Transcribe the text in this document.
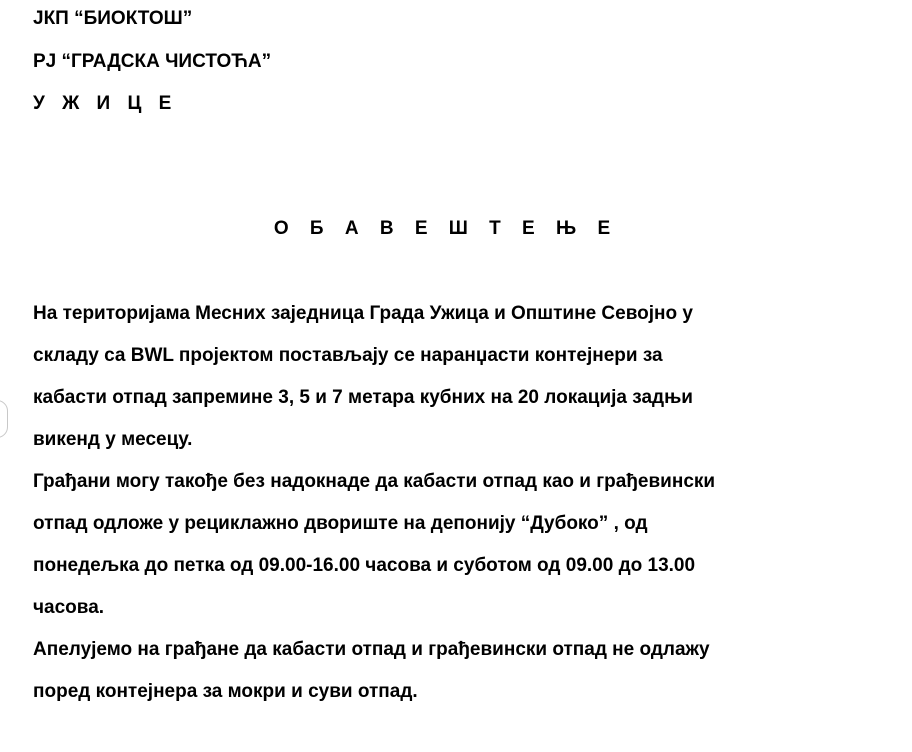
ЈКП “БИОКТОШ”
РЈ “ГРАДСКА ЧИСТОЋА”
У Ж И Ц Е
О Б А В Е Ш Т Е Њ Е
На територијама Месних заједница Града Ужица и Општине Севојно у
складу са BWL пројектом постављају се наранџасти контејнери за
кабасти отпад запремине 3, 5 и 7 метара кубних на 20 локација задњи
викенд у месецу.
Грађани могу такође без надокнаде да кабасти отпад као и грађевински
отпад одложе у рециклажно двориште на депонију “Дубоко” , од
понедељка до петка од 09.00-16.00 часова и суботом од 09.00 до 13.00
часова.
Апелујемо на грађане да кабасти отпад и грађевински отпад не одлажу
поред контејнера за мокри и суви отпад.
